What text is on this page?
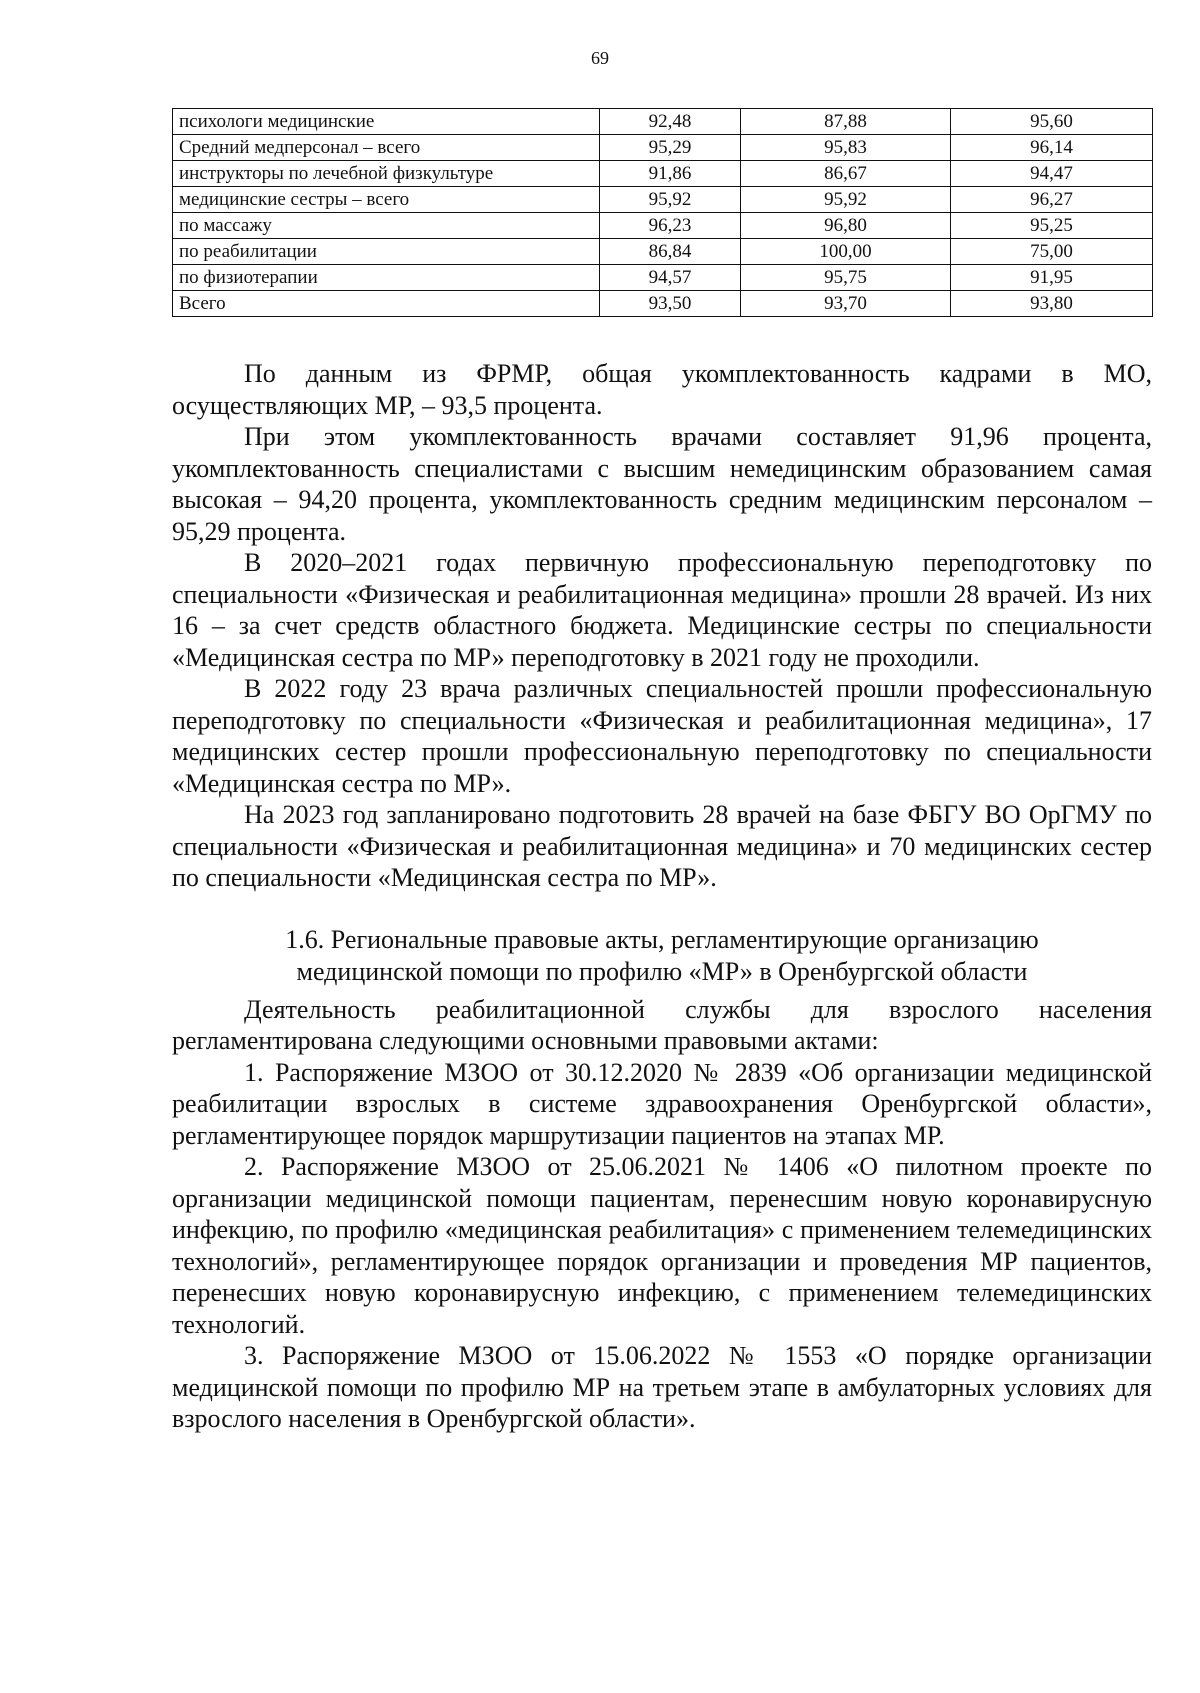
69
психологи медицинские	92,48	87,88	95,60
Средний медперсонал – всего	95,29	95,83	96,14
инструкторы по лечебной физкультуре	91,86	86,67	94,47
медицинские сестры – всего	95,92	95,92	96,27
по массажу	96,23	96,80	95,25
по реабилитации	86,84	100,00	75,00
по физиотерапии	94,57	95,75	91,95
Всего	93,50	93,70	93,80

По данным из ФРМР, общая укомплектованность кадрами в МО, осуществляющих МР, – 93,5 процента.

При этом укомплектованность врачами составляет 91,96 процента, укомплектованность специалистами с высшим немедицинским образованием самая высокая – 94,20 процента, укомплектованность средним медицинским персоналом – 95,29 процента.

В 2020–2021 годах первичную профессиональную переподготовку по специальности «Физическая и реабилитационная медицина» прошли 28 врачей. Из них 16 – за счет средств областного бюджета. Медицинские сестры по специальности «Медицинская сестра по МР» переподготовку в 2021 году не проходили.

В 2022 году 23 врача различных специальностей прошли профессиональную переподготовку по специальности «Физическая и реабилитационная медицина», 17 медицинских сестер прошли профессиональную переподготовку по специальности «Медицинская сестра по МР».

На 2023 год запланировано подготовить 28 врачей на базе ФБГУ ВО ОрГМУ по специальности «Физическая и реабилитационная медицина» и 70 медицинских сестер по специальности «Медицинская сестра по МР».

1.6. Региональные правовые акты, регламентирующие организацию
медицинской помощи по профилю «МР» в Оренбургской области

Деятельность реабилитационной службы для взрослого населения регламентирована следующими основными правовыми актами:

1. Распоряжение МЗОО от 30.12.2020 № 2839 «Об организации медицинской реабилитации взрослых в системе здравоохранения Оренбургской области», регламентирующее порядок маршрутизации пациентов на этапах МР.

2. Распоряжение МЗОО от 25.06.2021 № 1406 «О пилотном проекте по организации медицинской помощи пациентам, перенесшим новую коронавирусную инфекцию, по профилю «медицинская реабилитация» с применением телемедицинских технологий», регламентирующее порядок организации и проведения МР пациентов, перенесших новую коронавирусную инфекцию, с применением телемедицинских технологий.

3. Распоряжение МЗОО от 15.06.2022 № 1553 «О порядке организации медицинской помощи по профилю МР на третьем этапе в амбулаторных условиях для взрослого населения в Оренбургской области».
